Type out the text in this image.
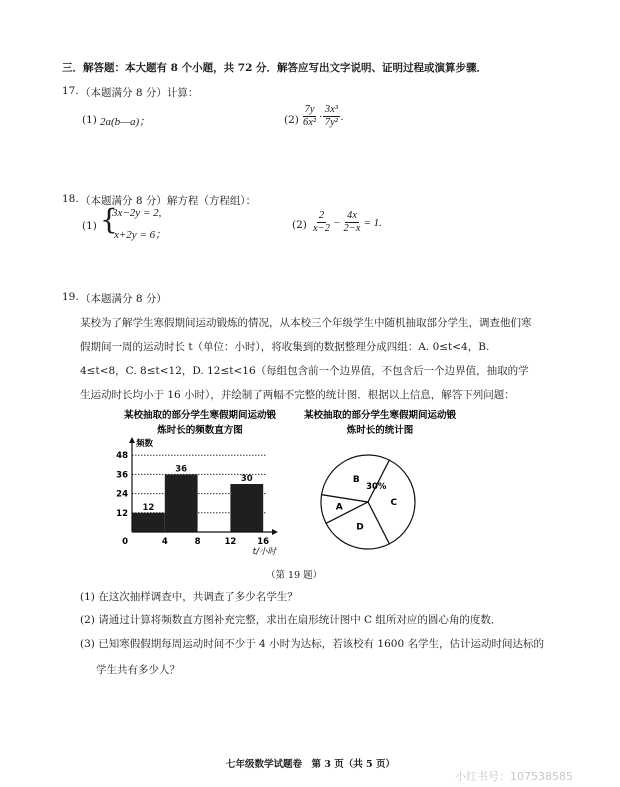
三．解答题：本大题有 8 个小题，共 72 分．解答应写出文字说明、证明过程或演算步骤．
17. （本题满分 8 分）计算：
(1) 2a(b—a)；	$(2) \frac{7y}{\text{6x²}} \cdot \frac{\text{3x³}}{\text{7y²}}$ .
18. （本题满分 8 分）解方程（方程组）：
(1) {
3x−2y = 2,
x+2y = 6；
$(2) \frac{2}{x-2} - \frac{4x}{2-x} = 1$.
19. （本题满分 8 分）
某校为了解学生寒假期间运动锻炼的情况，从本校三个年级学生中随机抽取部分学生，调查他们寒假期间一周的运动时长 t（单位：小时），将收集到的数据整理分成四组：A. 0≤t<4，B. 4≤t<8，C. 8≤t<12，D. 12≤t<16（每组包含前一个边界值，不包含后一个边界值，抽取的学生运动时长均小于 16 小时），并绘制了两幅不完整的统计图．根据以上信息，解答下列问题：
某校抽取的部分学生寒假期间运动锻
炼时长的频数直方图
12
36
30
12
24
36
48
0	4	8	12 16
频数
t/小时
某校抽取的部分学生寒假期间运动锻
炼时长的统计图
A
B
30%
C
D
（第 19 题）
(1) 在这次抽样调查中，共调查了多少名学生？
(2) 请通过计算将频数直方图补充完整，求出在扇形统计图中 C 组所对应的圆心角的度数．
(3) 已知寒假假期每周运动时间不少于 4 小时为达标，若该校有 1600 名学生，估计运动时间达标的
学生共有多少人？
七年级数学试题卷　第 3 页（共 5 页）
小红书号：107538585
